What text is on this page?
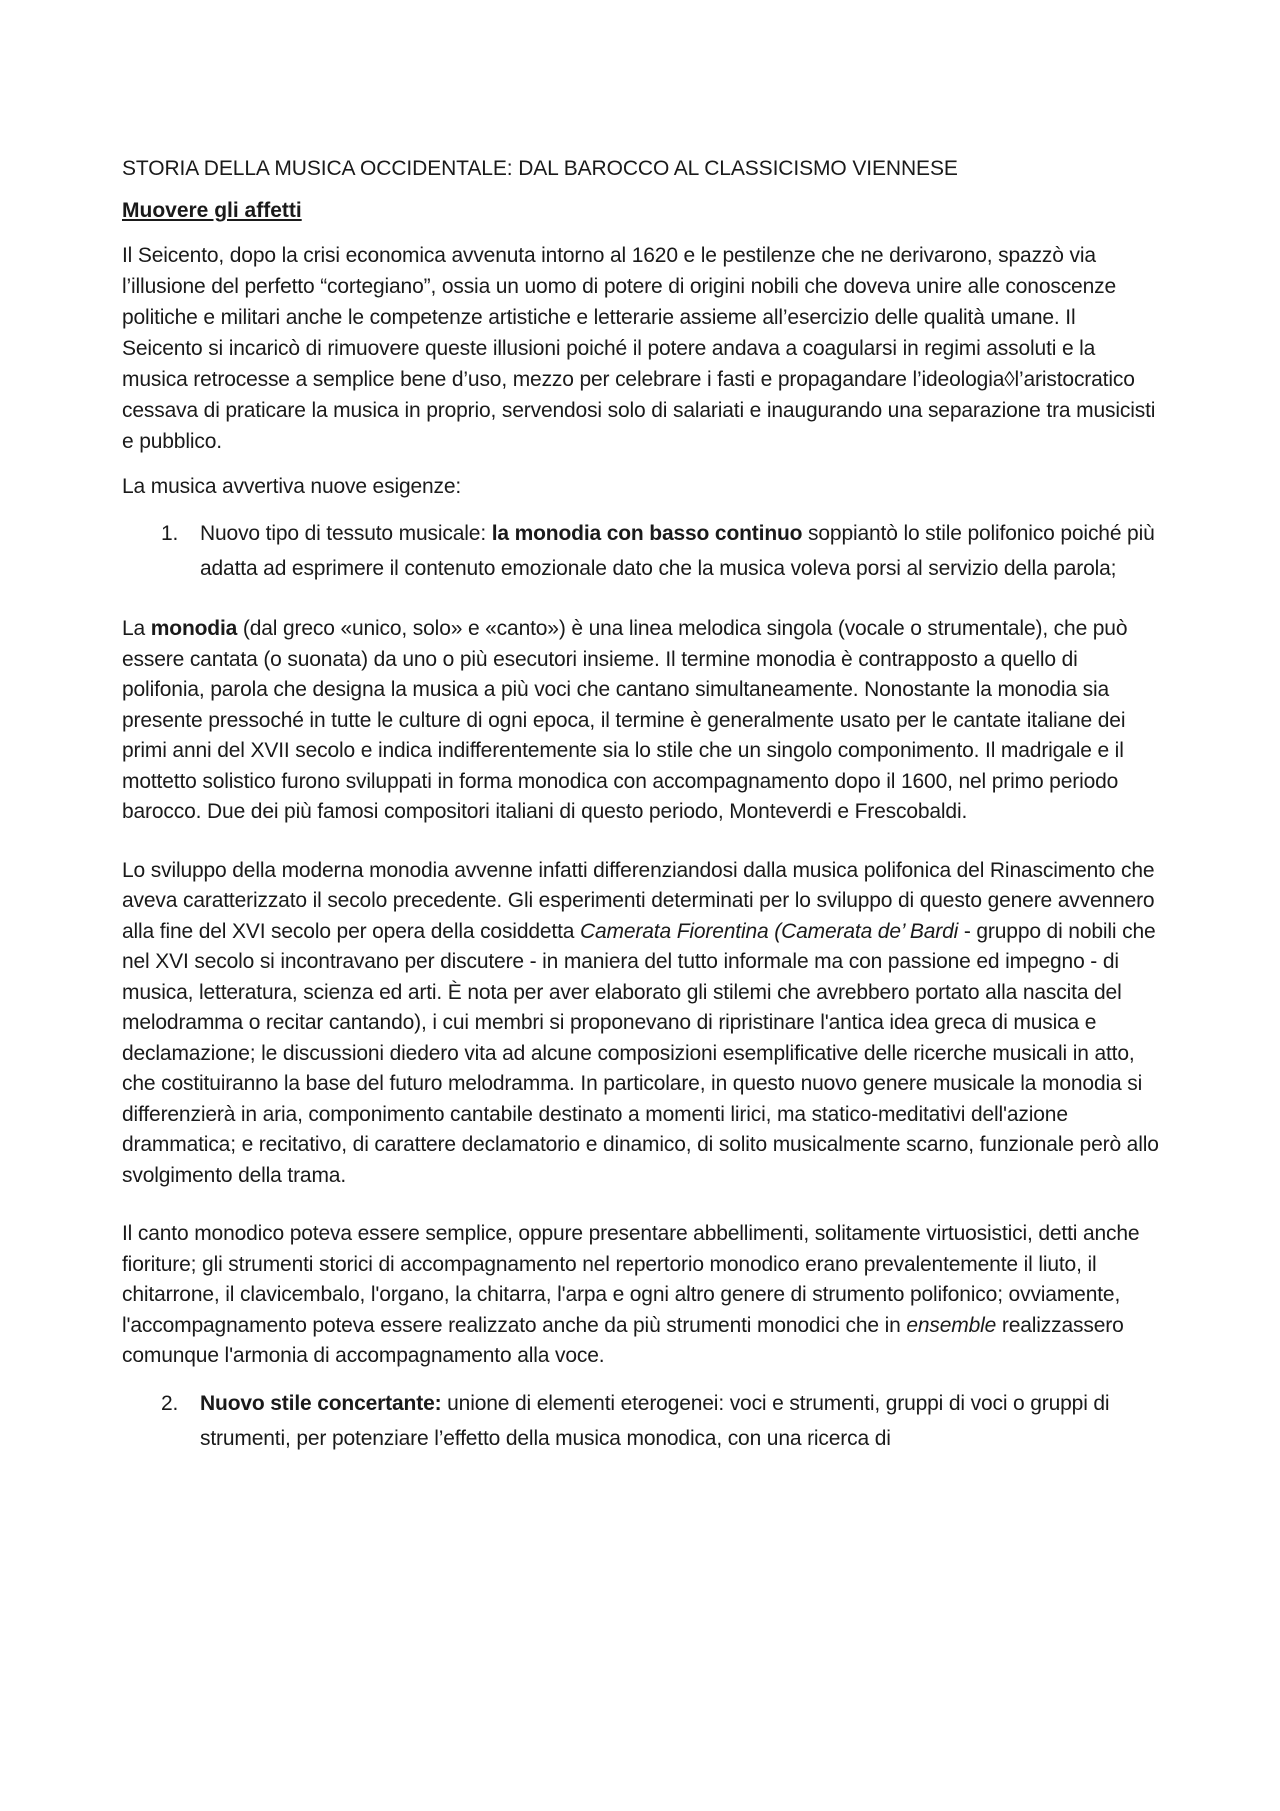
STORIA DELLA MUSICA OCCIDENTALE: DAL BAROCCO AL CLASSICISMO VIENNESE
Muovere gli affetti

Il Seicento, dopo la crisi economica avvenuta intorno al 1620 e le pestilenze che ne derivarono, spazzò via l’illusione del perfetto “cortegiano”, ossia un uomo di potere di origini nobili che doveva unire alle conoscenze politiche e militari anche le competenze artistiche e letterarie assieme all’esercizio delle qualità umane. Il Seicento si incaricò di rimuovere queste illusioni poiché il potere andava a coagularsi in regimi assoluti e la musica retrocesse a semplice bene d’uso, mezzo per celebrare i fasti e propagandare l’ideologia◊l’aristocratico cessava di praticare la musica in proprio, servendosi solo di salariati e inaugurando una separazione tra musicisti e pubblico.

La musica avvertiva nuove esigenze:

1. Nuovo tipo di tessuto musicale: la monodia con basso continuo soppiantò lo stile polifonico poiché più adatta ad esprimere il contenuto emozionale dato che la musica voleva porsi al servizio della parola;

La monodia (dal greco «unico, solo» e «canto») è una linea melodica singola (vocale o strumentale), che può essere cantata (o suonata) da uno o più esecutori insieme. Il termine monodia è contrapposto a quello di polifonia, parola che designa la musica a più voci che cantano simultaneamente. Nonostante la monodia sia presente pressoché in tutte le culture di ogni epoca, il termine è generalmente usato per le cantate italiane dei primi anni del XVII secolo e indica indifferentemente sia lo stile che un singolo componimento. Il madrigale e il mottetto solistico furono sviluppati in forma monodica con accompagnamento dopo il 1600, nel primo periodo barocco. Due dei più famosi compositori italiani di questo periodo, Monteverdi e Frescobaldi.

Lo sviluppo della moderna monodia avvenne infatti differenziandosi dalla musica polifonica del Rinascimento che aveva caratterizzato il secolo precedente. Gli esperimenti determinati per lo sviluppo di questo genere avvennero alla fine del XVI secolo per opera della cosiddetta Camerata Fiorentina (Camerata de’ Bardi - gruppo di nobili che nel XVI secolo si incontravano per discutere - in maniera del tutto informale ma con passione ed impegno - di musica, letteratura, scienza ed arti. È nota per aver elaborato gli stilemi che avrebbero portato alla nascita del melodramma o recitar cantando), i cui membri si proponevano di ripristinare l'antica idea greca di musica e declamazione; le discussioni diedero vita ad alcune composizioni esemplificative delle ricerche musicali in atto, che costituiranno la base del futuro melodramma. In particolare, in questo nuovo genere musicale la monodia si differenzierà in aria, componimento cantabile destinato a momenti lirici, ma statico-meditativi dell'azione drammatica; e recitativo, di carattere declamatorio e dinamico, di solito musicalmente scarno, funzionale però allo svolgimento della trama.

Il canto monodico poteva essere semplice, oppure presentare abbellimenti, solitamente virtuosistici, detti anche fioriture; gli strumenti storici di accompagnamento nel repertorio monodico erano prevalentemente il liuto, il chitarrone, il clavicembalo, l'organo, la chitarra, l'arpa e ogni altro genere di strumento polifonico; ovviamente, l'accompagnamento poteva essere realizzato anche da più strumenti monodici che in ensemble realizzassero comunque l'armonia di accompagnamento alla voce.

2. Nuovo stile concertante: unione di elementi eterogenei: voci e strumenti, gruppi di voci o gruppi di strumenti, per potenziare l’effetto della musica monodica, con una ricerca di
